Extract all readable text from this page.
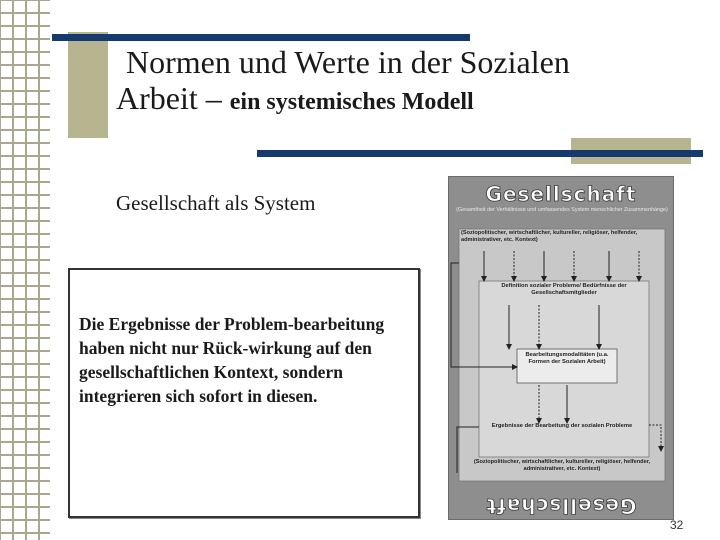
Normen und Werte in der Sozialen
Arbeit – ein systemisches Modell
Gesellschaft als System

Die Ergebnisse der Problem-bearbeitung haben nicht nur Rück-wirkung auf den gesellschaftlichen Kontext, sondern integrieren sich sofort in diesen.

Gesellschaft
(Gesamtheit der Verhältnisse und umfassendes System menschlicher Zusammenhänge)
(Soziopolitischer, wirtschaftlicher, kultureller, religiöser, helfender, administrativer, etc. Kontext)
Definition sozialer Probleme/ Bedürfnisse der Gesellschaftsmitglieder
Bearbeitungsmodalitäten (u.a. Formen der Sozialen Arbeit)
Ergebnisse der Bearbeitung der sozialen Probleme
(Soziopolitischer, wirtschaftlicher, kultureller, religiöser, helfender, administrativer, etc. Kontext)
Gesellschaft
32
